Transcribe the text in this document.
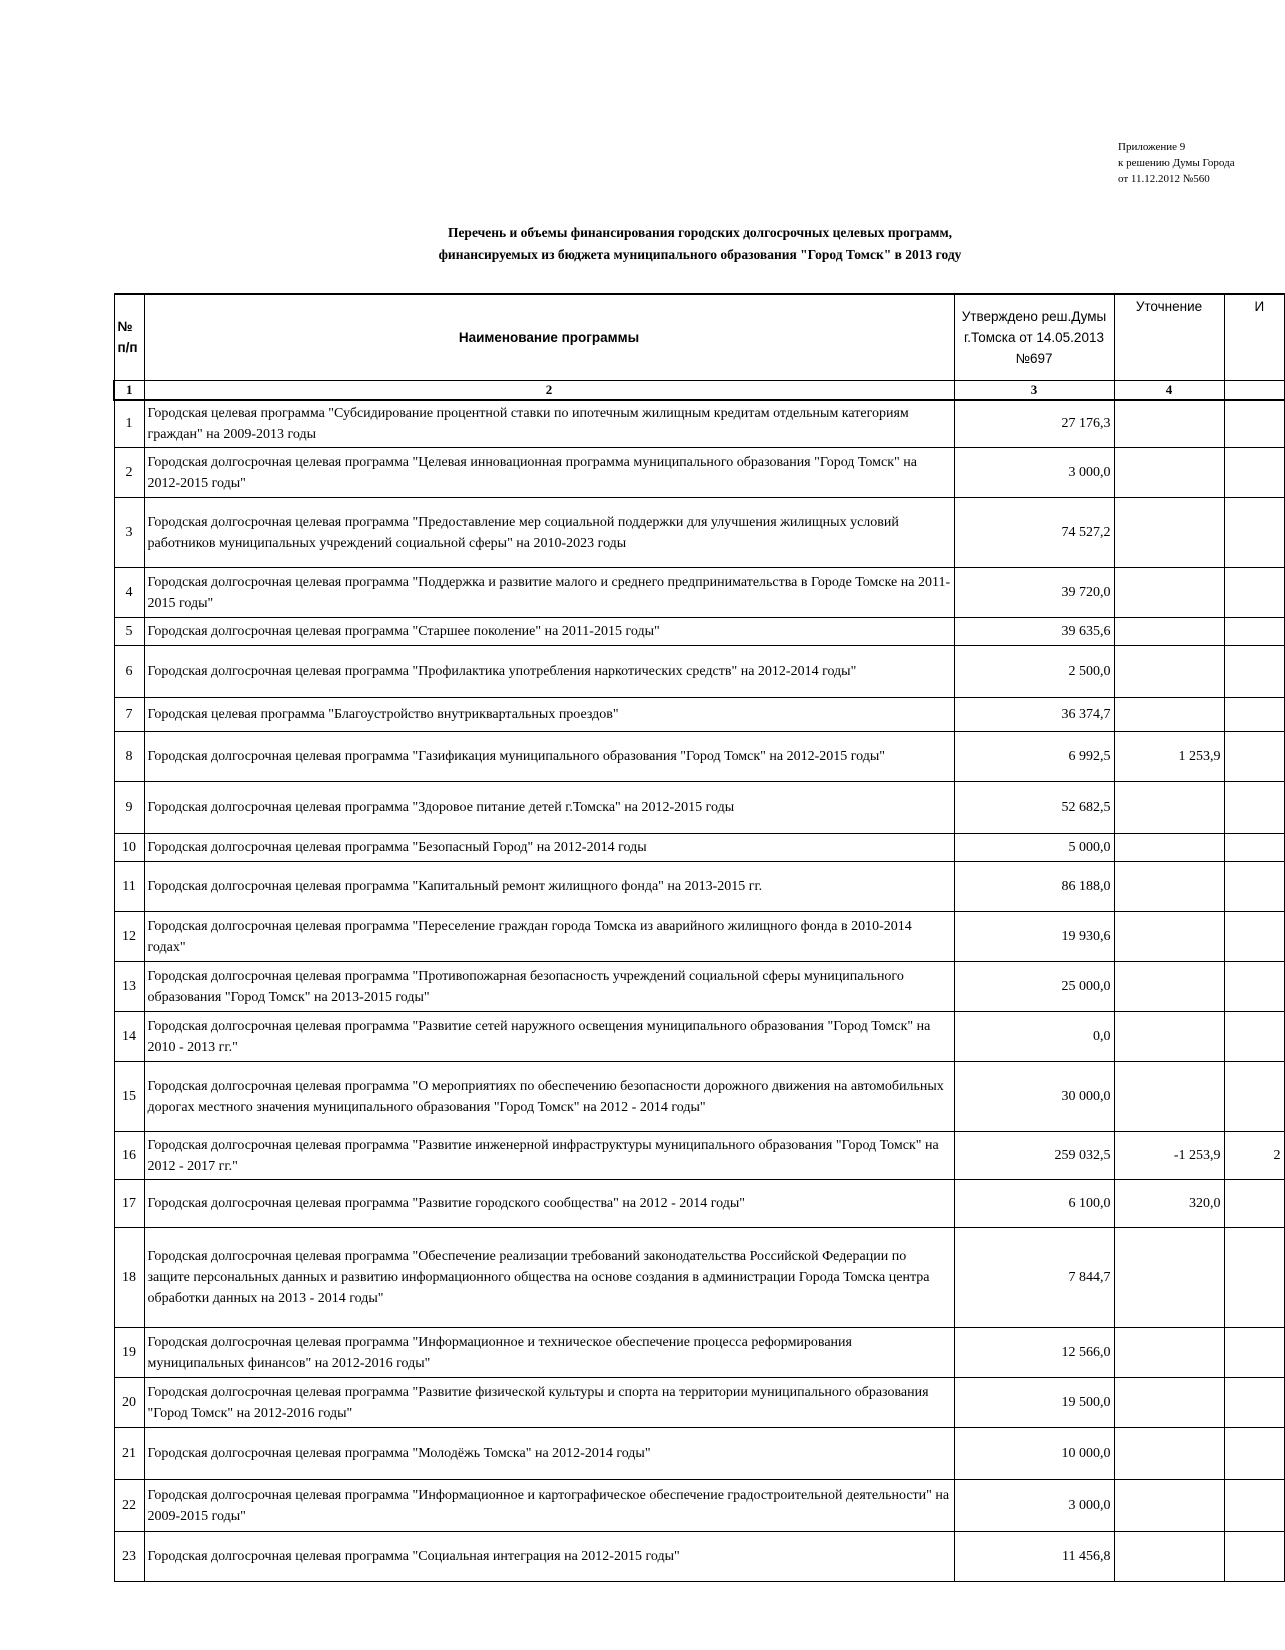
Приложение 9
к решению Думы Города
от 11.12.2012 №560
Перечень и объемы финансирования городских долгосрочных целевых программ,
финансируемых из бюджета муниципального образования "Город Томск" в 2013 году
№ п/п	Наименование программы	Утверждено реш.Думы г.Томска от 14.05.2013 №697	Уточнение	И
1	2	3	4	
1	Городская целевая программа "Субсидирование процентной ставки по ипотечным жилищным кредитам отдельным категориям граждан" на 2009-2013 годы	27 176,3		
2	Городская долгосрочная целевая программа "Целевая инновационная программа муниципального образования "Город Томск" на 2012-2015 годы"	3 000,0		
3	Городская долгосрочная целевая программа "Предоставление мер социальной поддержки для улучшения жилищных условий работников муниципальных учреждений социальной сферы" на 2010-2023 годы	74 527,2		
4	Городская долгосрочная целевая программа "Поддержка и развитие малого и среднего предпринимательства в Городе Томске на 2011-2015 годы"	39 720,0		
5	Городская долгосрочная целевая программа "Старшее поколение" на 2011-2015 годы"	39 635,6		
6	Городская долгосрочная целевая программа "Профилактика употребления наркотических средств" на 2012-2014 годы"	2 500,0		
7	Городская целевая программа "Благоустройство внутриквартальных проездов"	36 374,7		
8	Городская долгосрочная целевая программа "Газификация муниципального образования "Город Томск" на 2012-2015 годы"	6 992,5	1 253,9	
9	Городская долгосрочная целевая программа "Здоровое питание детей г.Томска" на 2012-2015 годы	52 682,5		
10	Городская долгосрочная целевая программа "Безопасный Город" на 2012-2014 годы	5 000,0		
11	Городская долгосрочная целевая программа "Капитальный ремонт жилищного фонда" на 2013-2015 гг.	86 188,0		
12	Городская долгосрочная целевая программа "Переселение граждан города Томска из аварийного жилищного фонда в 2010-2014 годах"	19 930,6		
13	Городская долгосрочная целевая программа "Противопожарная безопасность учреждений социальной сферы муниципального образования "Город Томск" на 2013-2015 годы"	25 000,0		
14	Городская долгосрочная целевая программа "Развитие сетей наружного освещения муниципального образования "Город Томск" на 2010 - 2013 гг."	0,0		
15	Городская долгосрочная целевая программа "О мероприятиях по обеспечению безопасности дорожного движения на автомобильных дорогах местного значения муниципального образования "Город Томск" на 2012 - 2014 годы"	30 000,0		
16	Городская долгосрочная целевая программа "Развитие инженерной инфраструктуры муниципального образования "Город Томск" на 2012 - 2017 гг."	259 032,5	-1 253,9	2
17	Городская долгосрочная целевая программа "Развитие городского сообщества" на 2012 - 2014 годы"	6 100,0	320,0	
18	Городская долгосрочная целевая программа "Обеспечение реализации требований законодательства Российской Федерации по защите персональных данных и развитию информационного общества на основе создания в администрации Города Томска центра обработки данных на 2013 - 2014 годы"	7 844,7		
19	Городская долгосрочная целевая программа "Информационное и техническое обеспечение процесса реформирования муниципальных финансов" на 2012-2016 годы"	12 566,0		
20	Городская долгосрочная целевая программа "Развитие физической культуры и спорта на территории муниципального образования "Город Томск" на 2012-2016 годы"	19 500,0		
21	Городская долгосрочная целевая программа "Молодёжь Томска" на 2012-2014 годы"	10 000,0		
22	Городская долгосрочная целевая программа "Информационное и картографическое обеспечение градостроительной деятельности" на 2009-2015 годы"	3 000,0		
23	Городская долгосрочная целевая программа "Социальная интеграция на 2012-2015 годы"	11 456,8		
